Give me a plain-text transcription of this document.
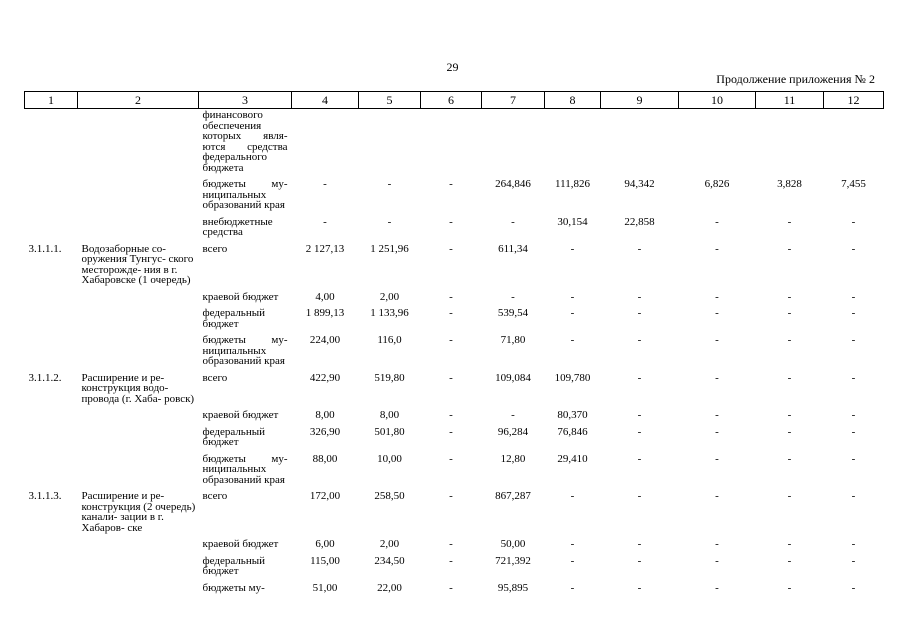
29
Продолжение приложения № 2
1	2	3	4	5	6	7	8	9	10	11	12
		финансового обеспечения которых явля- ются средства федерального бюджета									
		бюджеты му- ниципальных образований края	-	-	-	264,846	111,826	94,342	6,826	3,828	7,455
		внебюджетные средства	-	-	-	-	30,154	22,858	-	-	-
3.1.1.1.	Водозаборные со- оружения Тунгус- ского месторожде- ния в г. Хабаровске (1 очередь)	всего	2 127,13	1 251,96	-	611,34	-	-	-	-	-
		краевой бюджет	4,00	2,00	-	-	-	-	-	-	-
		федеральный бюджет	1 899,13	1 133,96	-	539,54	-	-	-	-	-
		бюджеты му- ниципальных образований края	224,00	116,0	-	71,80	-	-	-	-	-
3.1.1.2.	Расширение и ре- конструкция водо- провода (г. Хаба- ровск)	всего	422,90	519,80	-	109,084	109,780	-	-	-	-
		краевой бюджет	8,00	8,00	-	-	80,370	-	-	-	-
		федеральный бюджет	326,90	501,80	-	96,284	76,846	-	-	-	-
		бюджеты му- ниципальных образований края	88,00	10,00	-	12,80	29,410	-	-	-	-
3.1.1.3.	Расширение и ре- конструкция (2 очередь) канали- зации в г. Хабаров- ске	всего	172,00	258,50	-	867,287	-	-	-	-	-
		краевой бюджет	6,00	2,00	-	50,00	-	-	-	-	-
		федеральный бюджет	115,00	234,50	-	721,392	-	-	-	-	-
		бюджеты му-	51,00	22,00	-	95,895	-	-	-	-	-
